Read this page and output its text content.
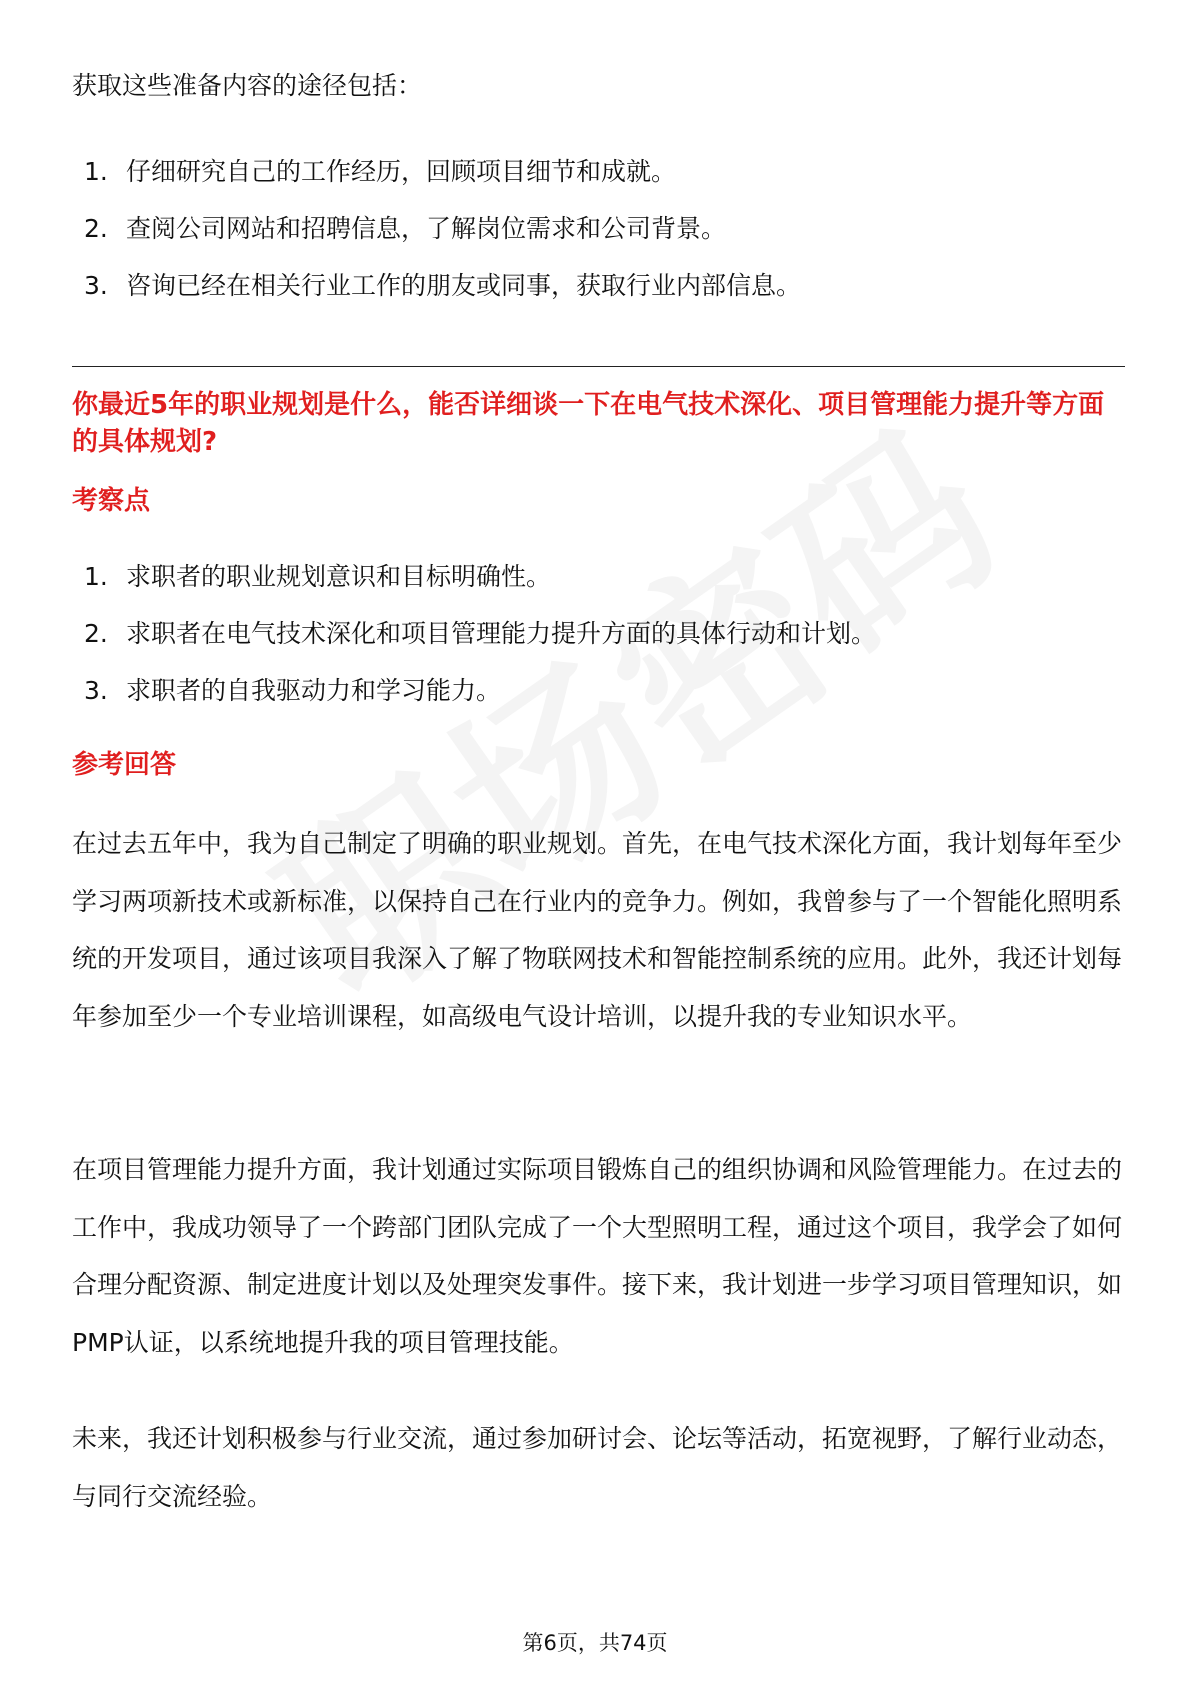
获取这些准备内容的途径包括：

1. 仔细研究自己的工作经历，回顾项目细节和成就。
2. 查阅公司网站和招聘信息，了解岗位需求和公司背景。
3. 咨询已经在相关行业工作的朋友或同事，获取行业内部信息。
你最近5年的职业规划是什么，能否详细谈一下在电气技术深化、项目管理能力提升等方面的具体规划?
考察点
1. 求职者的职业规划意识和目标明确性。
2. 求职者在电气技术深化和项目管理能力提升方面的具体行动和计划。
3. 求职者的自我驱动力和学习能力。
参考回答

在过去五年中，我为自己制定了明确的职业规划。首先，在电气技术深化方面，我计划每年至少学习两项新技术或新标准，以保持自己在行业内的竞争力。例如，我曾参与了一个智能化照明系统的开发项目，通过该项目我深入了解了物联网技术和智能控制系统的应用。此外，我还计划每年参加至少一个专业培训课程，如高级电气设计培训，以提升我的专业知识水平。

在项目管理能力提升方面，我计划通过实际项目锻炼自己的组织协调和风险管理能力。在过去的工作中，我成功领导了一个跨部门团队完成了一个大型照明工程，通过这个项目，我学会了如何合理分配资源、制定进度计划以及处理突发事件。接下来，我计划进一步学习项目管理知识，如PMP认证，以系统地提升我的项目管理技能。

未来，我还计划积极参与行业交流，通过参加研讨会、论坛等活动，拓宽视野，了解行业动态，与同行交流经验。

第6页，共74页
